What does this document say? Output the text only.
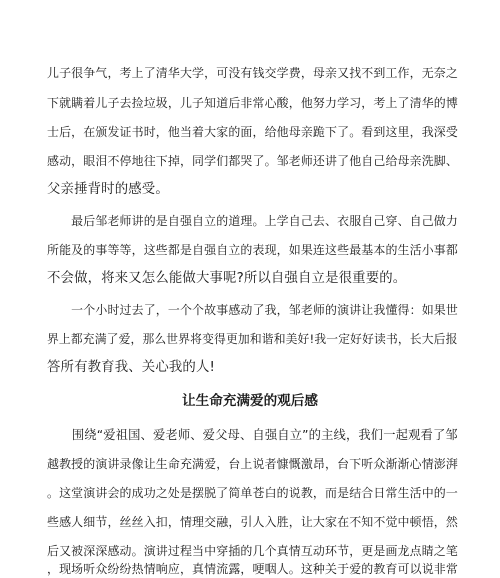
儿子很争气，考上了清华大学，可没有钱交学费，母亲又找不到工作，无奈之
下就瞒着儿子去捡垃圾，儿子知道后非常心酸，他努力学习，考上了清华的博
士后，在颁发证书时，他当着大家的面，给他母亲跪下了。看到这里，我深受
感动，眼泪不停地往下掉，同学们都哭了。邹老师还讲了他自己给母亲洗脚、
父亲捶背时的感受。
　　最后邹老师讲的是自强自立的道理。上学自己去、衣服自己穿、自己做力
所能及的事等等，这些都是自强自立的表现，如果连这些最基本的生活小事都
不会做，将来又怎么能做大事呢?所以自强自立是很重要的。
　　一个小时过去了，一个个故事感动了我，邹老师的演讲让我懂得：如果世
界上都充满了爱，那么世界将变得更加和谐和美好!我一定好好读书，长大后报
答所有教育我、关心我的人!
让生命充满爱的观后感
　　围绕“爱祖国、爱老师、爱父母、自强自立”的主线，我们一起观看了邹
越教授的演讲录像让生命充满爱，台上说者慷慨激昂，台下听众渐渐心情澎湃
。这堂演讲会的成功之处是摆脱了简单苍白的说教，而是结合日常生活中的一
些感人细节，丝丝入扣，情理交融，引人入胜，让大家在不知不觉中顿悟，然
后又被深深感动。演讲过程当中穿插的几个真情互动环节，更是画龙点睛之笔
，现场听众纷纷热情响应，真情流露，哽咽人。这种关于爱的教育可以说非常
